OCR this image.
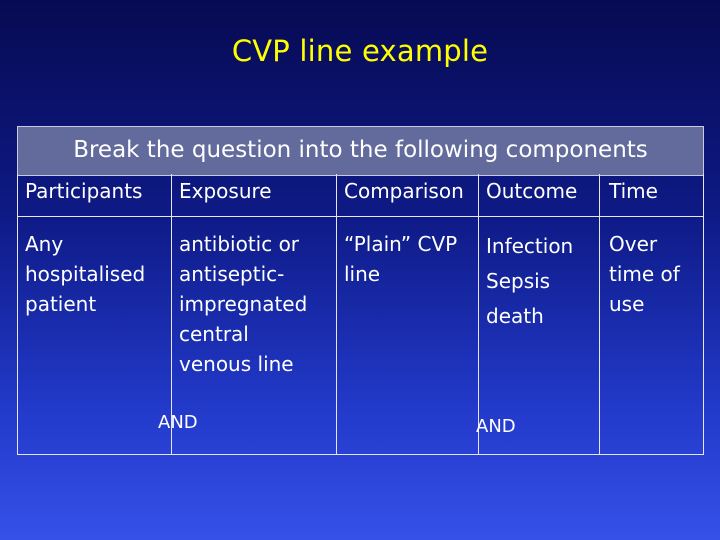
CVP line example
Break the question into the following components
Participants Exposure	Comparison Outcome Time
Any
hospitalised
patient
antibiotic or
antiseptic-
impregnated
central
venous line
“Plain” CVP
line
Infection
Sepsis
death
Over
time of
use
AND	AND
